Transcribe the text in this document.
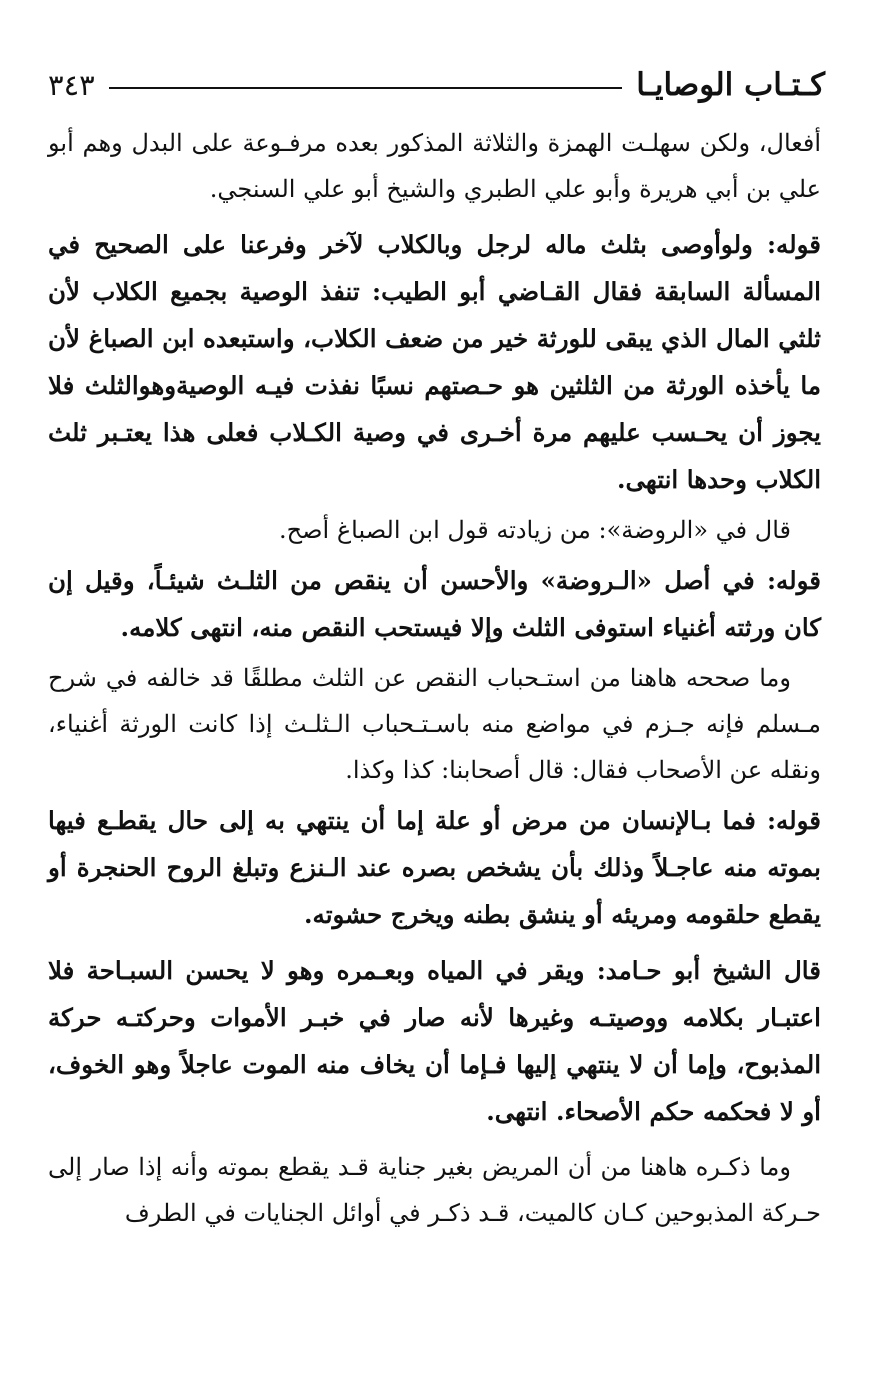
كـتـاب الوصايـا
٣٤٣

أفعال، ولكن سهلـت الهمزة والثلاثة المذكور بعده مرفـوعة على البدل وهم أبو علي بن أبي هريرة وأبو علي الطبري والشيخ أبو علي السنجي.

قوله: ولوأوصى بثلث ماله لرجل وبالكلاب لآخر وفرعنا على الصحيح في المسألة السابقة فقال القـاضي أبو الطيب: تنفذ الوصية بجميع الكلاب لأن ثلثي المال الذي يبقى للورثة خير من ضعف الكلاب، واستبعده ابن الصباغ لأن ما يأخذه الورثة من الثلثين هو حـصتهم نسبًا نفذت فيـه الوصيةوهوالثلث فلا يجوز أن يحـسب عليهم مرة أخـرى في وصية الكـلاب فعلى هذا يعتـبر ثلث الكلاب وحدها انتهى.

قال في «الروضة»: من زيادته قول ابن الصباغ أصح.

قوله: في أصل «الـروضة» والأحسن أن ينقص من الثلـث شيئـاً، وقيل إن كان ورثته أغنياء استوفى الثلث وإلا فيستحب النقص منه، انتهى كلامه.

وما صححه هاهنا من استـحباب النقص عن الثلث مطلقًا قد خالفه في شرح مـسلم فإنه جـزم في مواضع منه باسـتـحباب الـثلـث إذا كانت الورثة أغنياء، ونقله عن الأصحاب فقال: قال أصحابنا: كذا وكذا.

قوله: فما بـالإنسان من مرض أو علة إما أن ينتهي به إلى حال يقطـع فيها بموته منه عاجـلاً وذلك بأن يشخص بصره عند الـنزع وتبلغ الروح الحنجرة أو يقطع حلقومه ومريئه أو ينشق بطنه ويخرج حشوته.

قال الشيخ أبو حـامد: ويقر في المياه وبعـمره وهو لا يحسن السبـاحة فلا اعتبـار بكلامه ووصيتـه وغيرها لأنه صار في خبـر الأموات وحركتـه حركة المذبوح، وإما أن لا ينتهي إليها فـإما أن يخاف منه الموت عاجلاً وهو الخوف، أو لا فحكمه حكم الأصحاء. انتهى.

وما ذكـره هاهنا من أن المريض بغير جناية قـد يقطع بموته وأنه إذا صار إلى حـركة المذبوحين كـان كالميت، قـد ذكـر في أوائل الجنايات في الطرف
